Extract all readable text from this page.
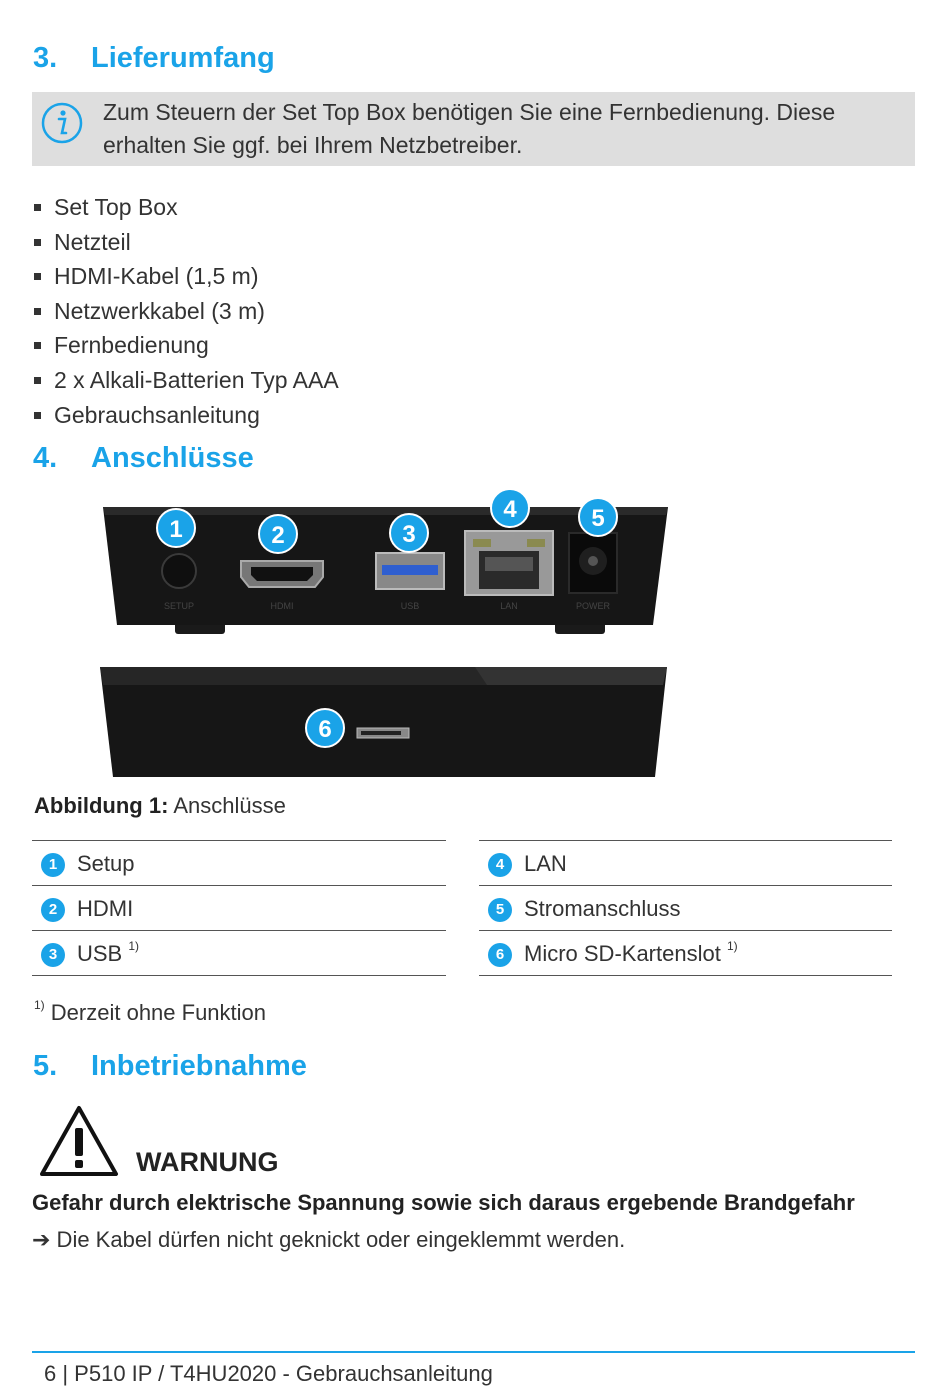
3. Lieferumfang
Zum Steuern der Set Top Box benötigen Sie eine Fernbedienung. Diese erhalten Sie ggf. bei Ihrem Netzbetreiber.
Set Top Box
Netzteil
HDMI-Kabel (1,5 m)
Netzwerkkabel (3 m)
Fernbedienung
2 x Alkali-Batterien Typ AAA
Gebrauchsanleitung
4. Anschlüsse
SETUP	HDMI	USB	LAN	POWER
1	2	3
4	5
6
Abbildung 1: Anschlüsse
1 Setup
2 HDMI
3 USB $^{1)}$
4 LAN
5 Stromanschluss
6 Micro SD-Kartenslot $^{1)}$
$^{1)}$ Derzeit ohne Funktion
5. Inbetriebnahme
WARNUNG
Gefahr durch elektrische Spannung sowie sich daraus ergebende Brandgefahr
➔ Die Kabel dürfen nicht geknickt oder eingeklemmt werden.
6 | P510 IP / T4HU2020 - Gebrauchsanleitung
